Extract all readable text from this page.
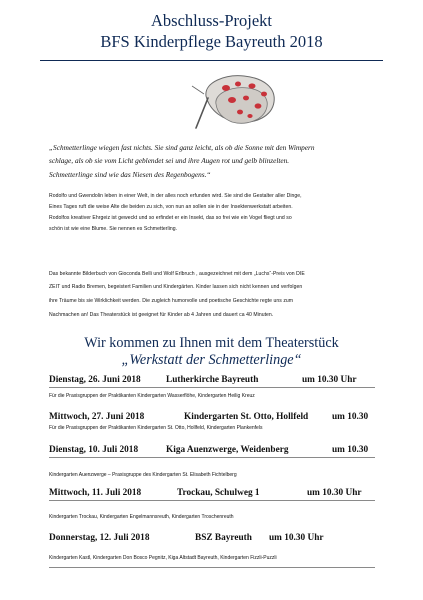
Abschluss-Projekt
BFS Kinderpflege Bayreuth 2018
„Schmetterlinge wiegen fast nichts. Sie sind ganz leicht, als ob die Sonne mit den Wimpern
schlage, als ob sie vom Licht geblendet sei und ihre Augen rot und gelb blinzelten.
Schmetterlinge sind wie das Niesen des Regenbogens.“
Rodolfo und Gwendolin leben in einer Welt, in der alles noch erfunden wird. Sie sind die Gestalter aller Dinge,
Eines Tages ruft die weise Alte die beiden zu sich, von nun an sollen sie in der Insektenwerkstatt arbeiten.
Rodolfos kreativer Ehrgeiz ist geweckt und so erfindet er ein Insekt, das so frei wie ein Vogel fliegt und so
schön ist wie eine Blume. Sie nennen es Schmetterling.
Das bekannte Bilderbuch von Gioconda Belli und Wolf Erlbruch , ausgezeichnet mit dem „Luchs“-Preis von DIE
ZEIT und Radio Bremen, begeistert Familien und Kindergärten. Kinder lassen sich nicht kennen und verfolgen
ihre Träume bis sie Wirklichkeit werden. Die zugleich humorvolle und poetische Geschichte regte uns zum
Nachmachen an! Das Theaterstück ist geeignet für Kinder ab 4 Jahren und dauert ca 40 Minuten.
Wir kommen zu Ihnen mit dem Theaterstück
„Werkstatt der Schmetterlinge“
Dienstag, 26. Juni 2018	Lutherkirche Bayreuth	um 10.30 Uhr
Für die Praxisgruppen der Praktikanten Kindergarten Wasserflöhe, Kindergarten Heilig Kreuz
Mittwoch, 27. Juni 2018	Kindergarten St. Otto, Hollfeld	um 10.30
Für die Praxisgruppen der Praktikanten Kindergarten St. Otto, Hollfeld, Kindergarten Plankenfels
Dienstag, 10. Juli 2018	Kiga Auenzwerge, Weidenberg	um 10.30
Kindergarten Auenzwerge – Praxisgruppe des Kindergarten St. Elisabeth Fichtelberg
Mittwoch, 11. Juli 2018	Trockau, Schulweg 1	um 10.30 Uhr
Kindergarten Trockau, Kindergarten Engelmannsreuth, Kindergarten Troschenreuth
Donnerstag, 12. Juli 2018	BSZ Bayreuth um 10.30 Uhr
Kindergarten Kastl, Kindergarten Don Bosco Pegnitz, Kiga Altstadt Bayreuth, Kindergarten Fizzli-Puzzli
